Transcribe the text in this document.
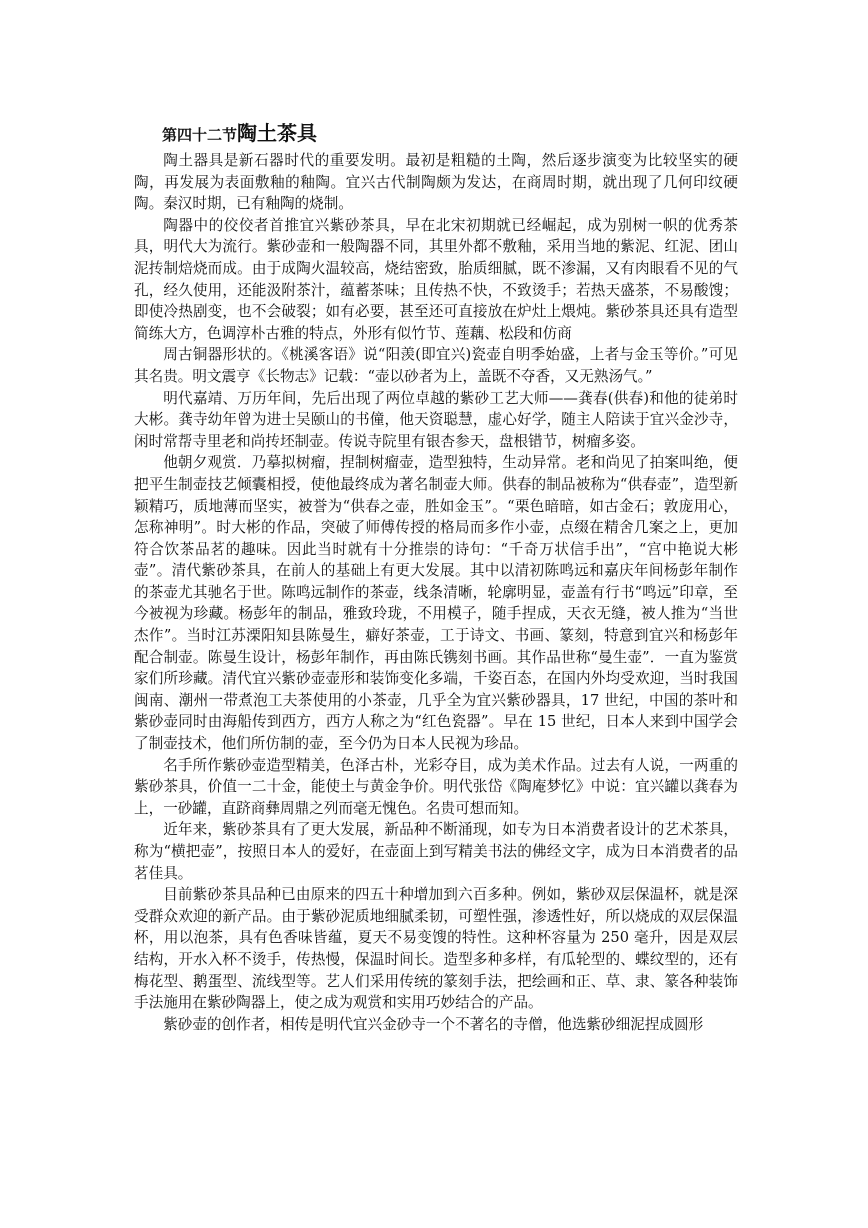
第四十二节陶土茶具

陶土器具是新石器时代的重要发明。最初是粗糙的土陶，然后逐步演变为比较坚实的硬陶，再发展为表面敷釉的釉陶。宜兴古代制陶颇为发达，在商周时期，就出现了几何印纹硬陶。秦汉时期，已有釉陶的烧制。

陶器中的佼佼者首推宜兴紫砂茶具，早在北宋初期就已经崛起，成为别树一帜的优秀茶具，明代大为流行。紫砂壶和一般陶器不同，其里外都不敷釉，采用当地的紫泥、红泥、团山泥抟制焙烧而成。由于成陶火温较高，烧结密致，胎质细腻，既不渗漏，又有肉眼看不见的气孔，经久使用，还能汲附茶汁，蕴蓄茶味；且传热不快，不致烫手；若热天盛茶，不易酸馊；即使冷热剧变，也不会破裂；如有必要，甚至还可直接放在炉灶上煨炖。紫砂茶具还具有造型简练大方，色调淳朴古雅的特点，外形有似竹节、莲藕、松段和仿商

周古铜器形状的。《桃溪客语》说“阳羡(即宜兴)瓷壶自明季始盛，上者与金玉等价。”可见其名贵。明文震亨《长物志》记载：“壶以砂者为上，盖既不夺香，又无熟汤气。”

明代嘉靖、万历年间，先后出现了两位卓越的紫砂工艺大师——龚春(供春)和他的徒弟时大彬。龚寺幼年曾为进士吴颐山的书僮，他天资聪慧，虚心好学，随主人陪读于宜兴金沙寺，闲时常帮寺里老和尚抟坯制壶。传说寺院里有银杏参天，盘根错节，树瘤多姿。

他朝夕观赏．乃摹拟树瘤，捏制树瘤壶，造型独特，生动异常。老和尚见了拍案叫绝，便把平生制壶技艺倾囊相授，使他最终成为著名制壶大师。供春的制品被称为“供春壶”，造型新颖精巧，质地薄而坚实，被誉为“供春之壶，胜如金玉”。“栗色暗暗，如古金石；敦庞用心，怎称神明”。时大彬的作品，突破了师傅传授的格局而多作小壶，点缀在精舍几案之上，更加符合饮茶品茗的趣味。因此当时就有十分推崇的诗句：“千奇万状信手出”，“宫中艳说大彬壶”。清代紫砂茶具，在前人的基础上有更大发展。其中以清初陈鸣远和嘉庆年间杨彭年制作的茶壶尤其驰名于世。陈鸣远制作的茶壶，线条清晰，轮廓明显，壶盖有行书“鸣远”印章，至今被视为珍藏。杨彭年的制品，雅致玲珑，不用模子，随手捏成，天衣无缝，被人推为“当世杰作”。当时江苏溧阳知县陈曼生，癖好茶壶，工于诗文、书画、篆刻，特意到宜兴和杨彭年配合制壶。陈曼生设计，杨彭年制作，再由陈氏镌刻书画。其作品世称“曼生壶”．一直为鉴赏家们所珍藏。清代宜兴紫砂壶壶形和装饰变化多端，千姿百态，在国内外均受欢迎，当时我国闽南、潮州一带煮泡工夫茶使用的小茶壶，几乎全为宜兴紫砂器具，17 世纪，中国的茶叶和紫砂壶同时由海船传到西方，西方人称之为“红色瓷器”。早在 15 世纪，日本人来到中国学会了制壶技术，他们所仿制的壶，至今仍为日本人民视为珍品。

名手所作紫砂壶造型精美，色泽古朴，光彩夺目，成为美术作品。过去有人说，一两重的紫砂茶具，价值一二十金，能使土与黄金争价。明代张岱《陶庵梦忆》中说：宜兴罐以龚春为上，一砂罐，直跻商彝周鼎之列而毫无愧色。名贵可想而知。

近年来，紫砂茶具有了更大发展，新品种不断涌现，如专为日本消费者设计的艺术茶具，称为“横把壶”，按照日本人的爱好，在壶面上到写精美书法的佛经文字，成为日本消费者的品茗佳具。

目前紫砂茶具品种已由原来的四五十种增加到六百多种。例如，紫砂双层保温杯，就是深受群众欢迎的新产品。由于紫砂泥质地细腻柔韧，可塑性强，渗透性好，所以烧成的双层保温杯，用以泡茶，具有色香味皆蕴，夏天不易变馊的特性。这种杯容量为 250 毫升，因是双层结构，开水入杯不烫手，传热慢，保温时间长。造型多种多样，有瓜轮型的、蝶纹型的，还有梅花型、鹅蛋型、流线型等。艺人们采用传统的篆刻手法，把绘画和正、草、隶、篆各种装饰手法施用在紫砂陶器上，使之成为观赏和实用巧妙结合的产品。

紫砂壶的创作者，相传是明代宜兴金砂寺一个不著名的寺僧，他选紫砂细泥捏成圆形
